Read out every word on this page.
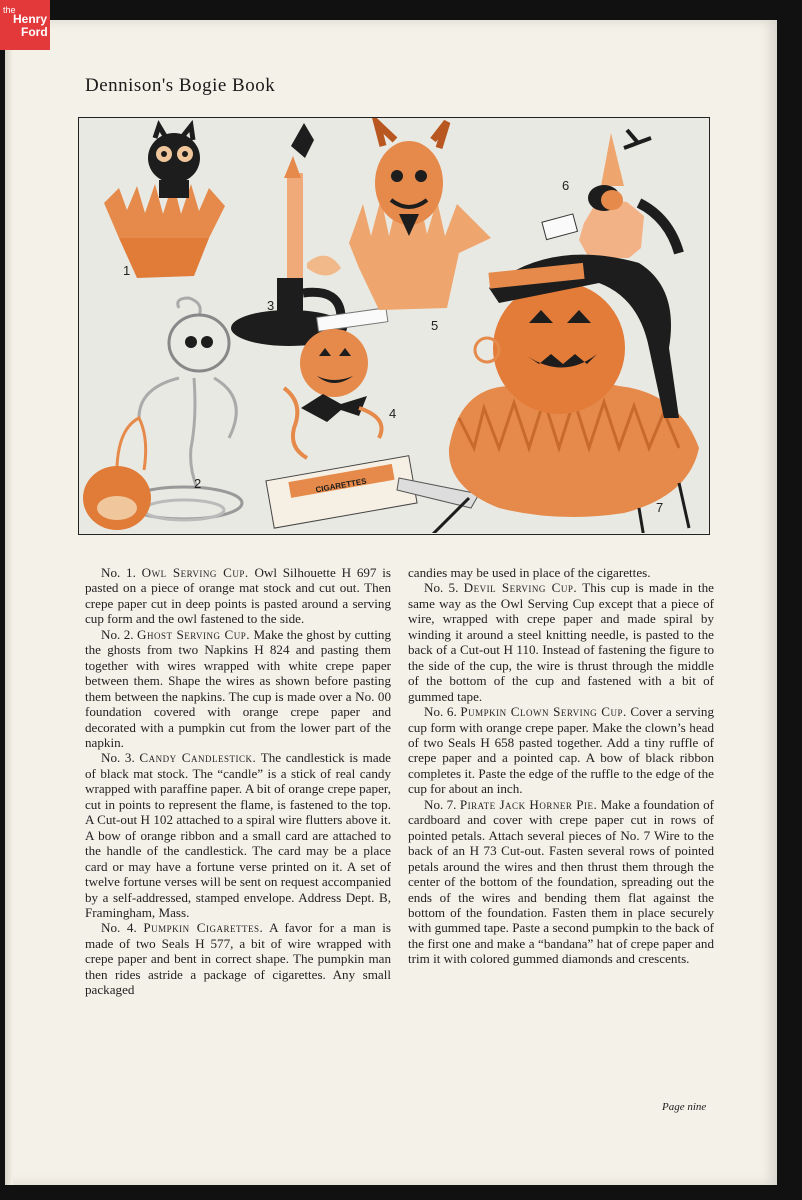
the
Henry
Ford
Dennison's Bogie Book
1
2
3
4
5
6
7
CIGARETTES

No. 1. Owl Serving Cup. Owl Silhouette H 697 is pasted on a piece of orange mat stock and cut out. Then crepe paper cut in deep points is pasted around a serving cup form and the owl fastened to the side.

No. 2. Ghost Serving Cup. Make the ghost by cutting the ghosts from two Napkins H 824 and pasting them together with wires wrapped with white crepe paper between them. Shape the wires as shown before pasting them between the napkins. The cup is made over a No. 00 foundation covered with orange crepe paper and decorated with a pumpkin cut from the lower part of the napkin.

No. 3. Candy Candlestick. The candlestick is made of black mat stock. The “candle” is a stick of real candy wrapped with paraffine paper. A bit of orange crepe paper, cut in points to represent the flame, is fastened to the top. A Cut-out H 102 attached to a spiral wire flutters above it. A bow of orange ribbon and a small card are attached to the handle of the candlestick. The card may be a place card or may have a fortune verse printed on it. A set of twelve fortune verses will be sent on request accompanied by a self-addressed, stamped envelope. Address Dept. B, Framingham, Mass.

No. 4. Pumpkin Cigarettes. A favor for a man is made of two Seals H 577, a bit of wire wrapped with crepe paper and bent in correct shape. The pumpkin man then rides astride a package of cigarettes. Any small packaged

candies may be used in place of the cigarettes.

No. 5. Devil Serving Cup. This cup is made in the same way as the Owl Serving Cup except that a piece of wire, wrapped with crepe paper and made spiral by winding it around a steel knitting needle, is pasted to the back of a Cut-out H 110. Instead of fastening the figure to the side of the cup, the wire is thrust through the middle of the bottom of the cup and fastened with a bit of gummed tape.

No. 6. Pumpkin Clown Serving Cup. Cover a serving cup form with orange crepe paper. Make the clown’s head of two Seals H 658 pasted together. Add a tiny ruffle of crepe paper and a pointed cap. A bow of black ribbon completes it. Paste the edge of the ruffle to the edge of the cup for about an inch.

No. 7. Pirate Jack Horner Pie. Make a foundation of cardboard and cover with crepe paper cut in rows of pointed petals. Attach several pieces of No. 7 Wire to the back of an H 73 Cut-out. Fasten several rows of pointed petals around the wires and then thrust them through the center of the bottom of the foundation, spreading out the ends of the wires and bending them flat against the bottom of the foundation. Fasten them in place securely with gummed tape. Paste a second pumpkin to the back of the first one and make a “bandana” hat of crepe paper and trim it with colored gummed diamonds and crescents.

Page nine
